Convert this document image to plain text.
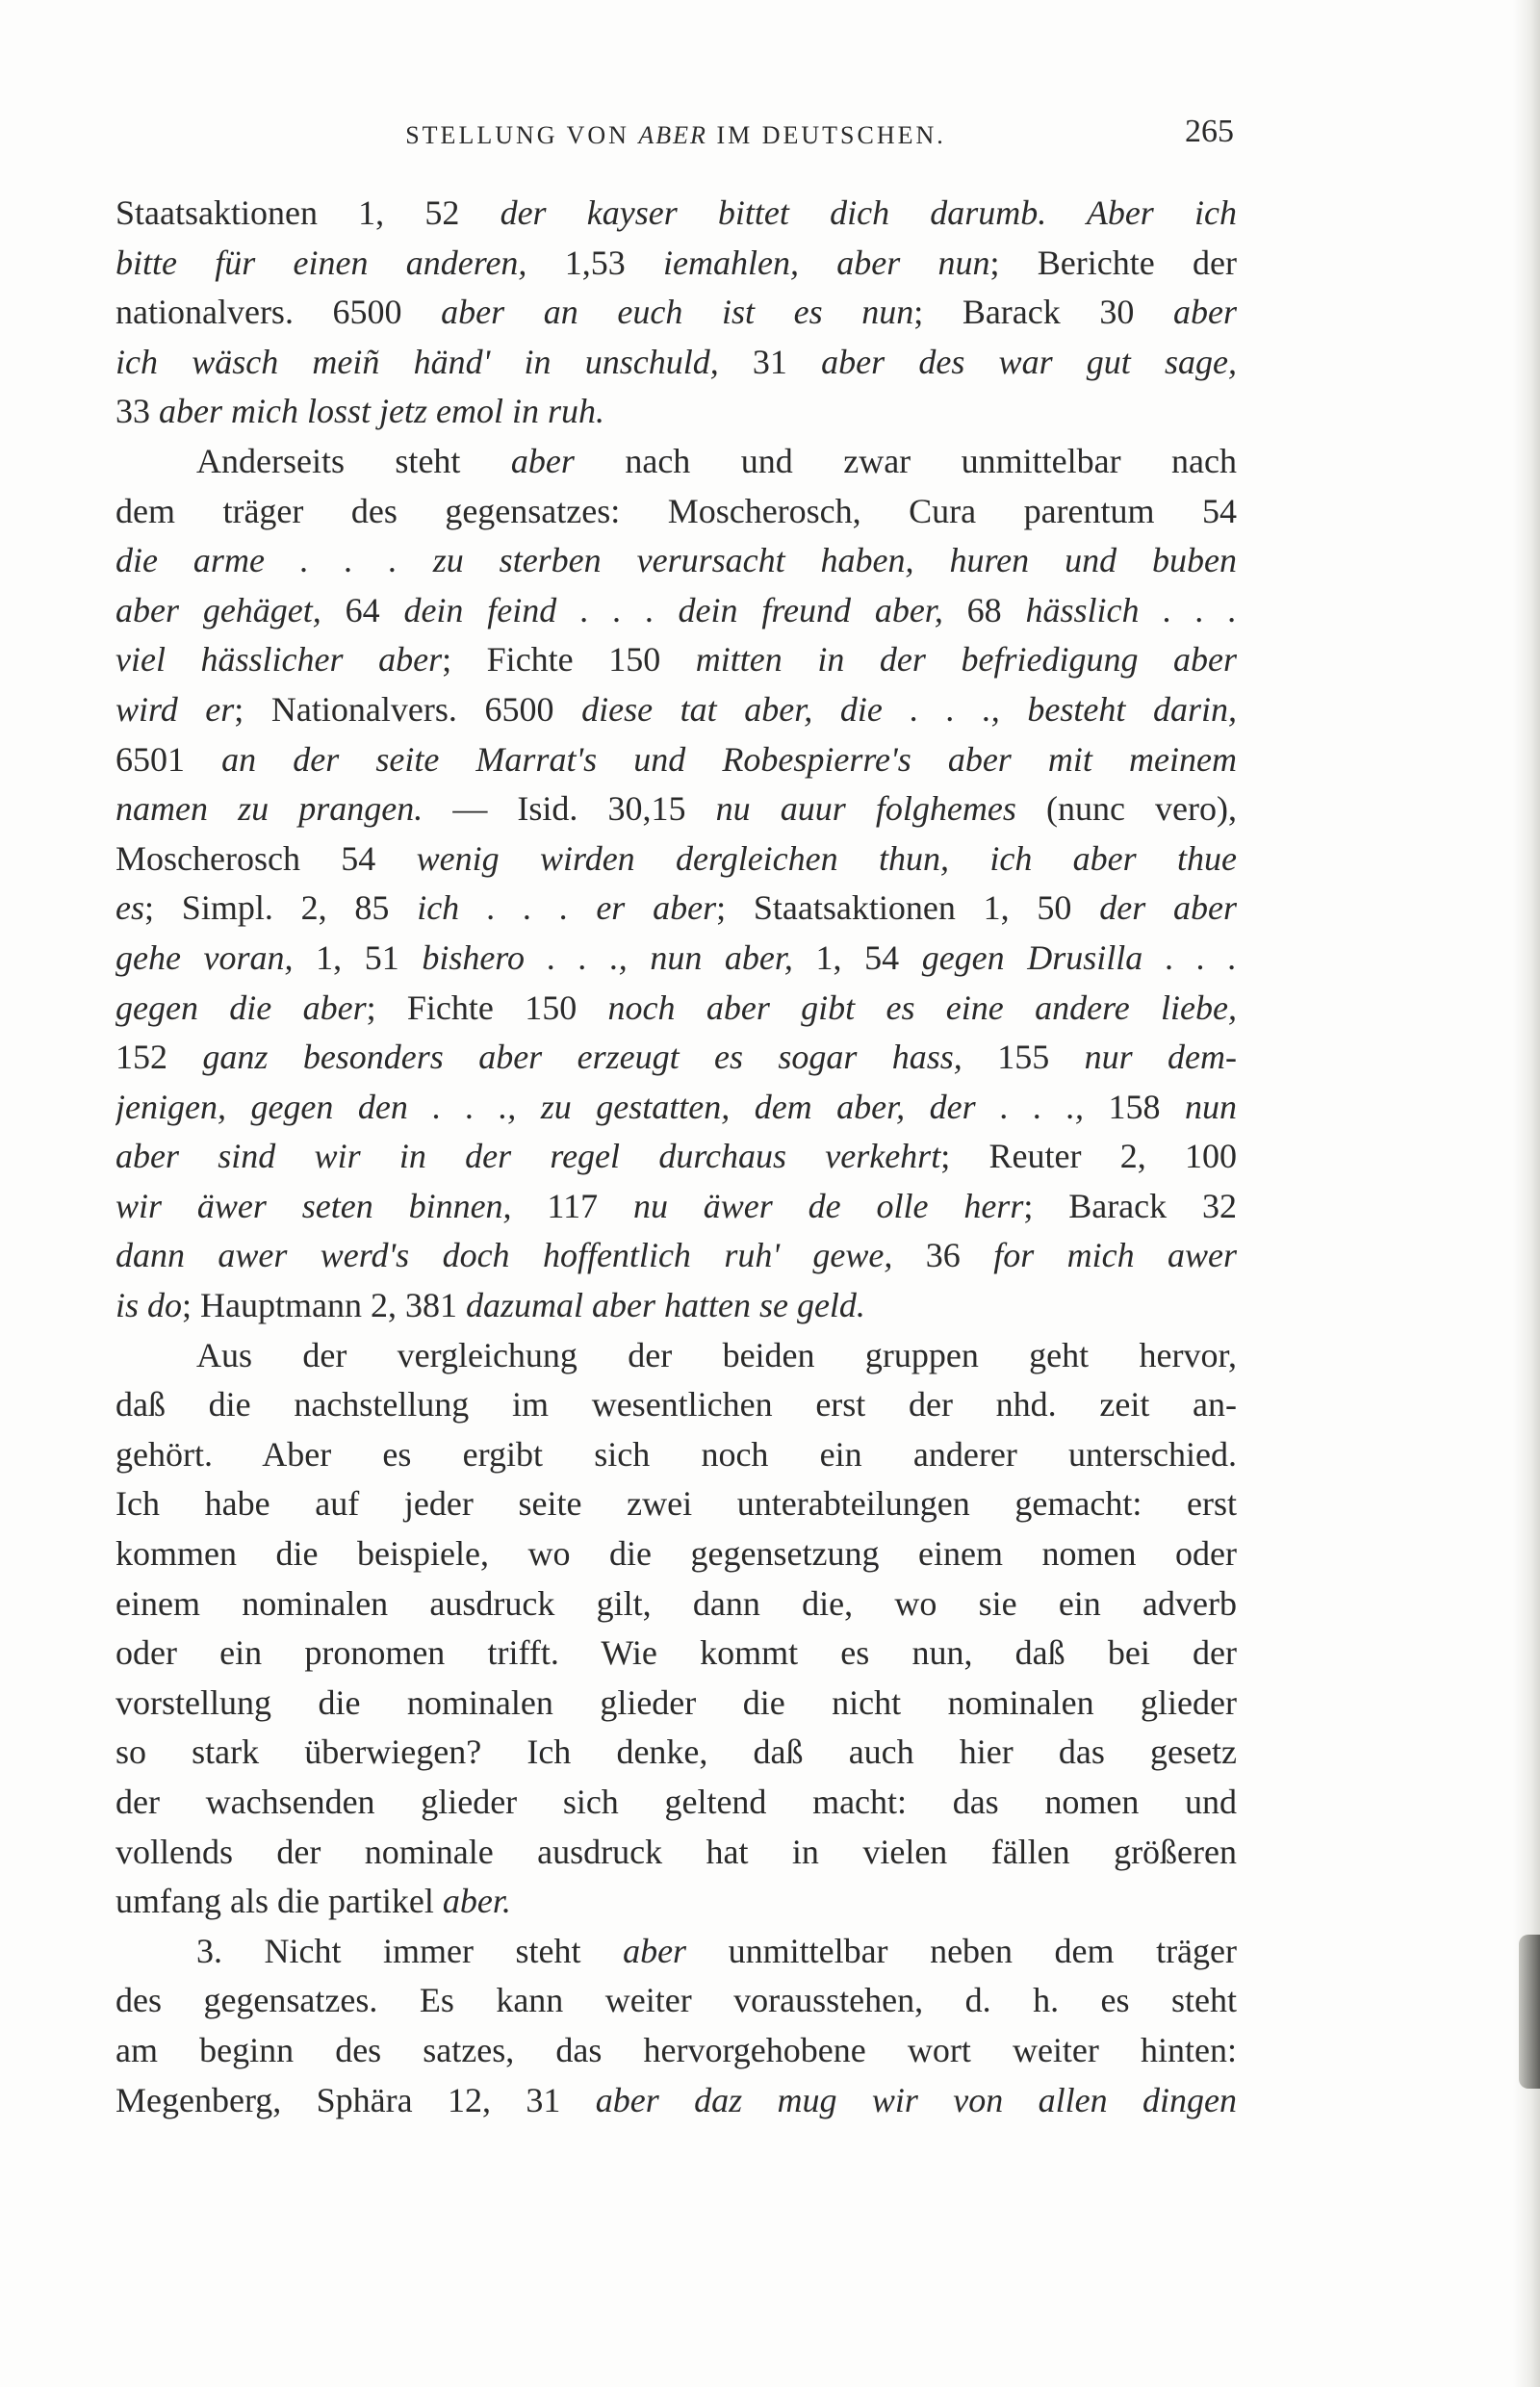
STELLUNG VON ABER IM DEUTSCHEN.	265
Staatsaktionen 1, 52 der kayser bittet dich darumb. Aber ich
bitte für einen anderen, 1,53 iemahlen, aber nun; Berichte der
nationalvers. 6500 aber an euch ist es nun; Barack 30 aber
ich wäsch meiñ händ' in unschuld, 31 aber des war gut sage,
33 aber mich losst jetz emol in ruh.
Anderseits steht aber nach und zwar unmittelbar nach
dem träger des gegensatzes: Moscherosch, Cura parentum 54
die arme . . . zu sterben verursacht haben, huren und buben
aber gehäget, 64 dein feind . . . dein freund aber, 68 hässlich . . .
viel hässlicher aber; Fichte 150 mitten in der befriedigung aber
wird er; Nationalvers. 6500 diese tat aber, die . . ., besteht darin,
6501 an der seite Marrat's und Robespierre's aber mit meinem
namen zu prangen. — Isid. 30,15 nu auur folghemes (nunc vero),
Moscherosch 54 wenig wirden dergleichen thun, ich aber thue
es; Simpl. 2, 85 ich . . . er aber; Staatsaktionen 1, 50 der aber
gehe voran, 1, 51 bishero . . ., nun aber, 1, 54 gegen Drusilla . . .
gegen die aber; Fichte 150 noch aber gibt es eine andere liebe,
152 ganz besonders aber erzeugt es sogar hass, 155 nur dem-
jenigen, gegen den . . ., zu gestatten, dem aber, der . . ., 158 nun
aber sind wir in der regel durchaus verkehrt; Reuter 2, 100
wir äwer seten binnen, 117 nu äwer de olle herr; Barack 32
dann awer werd's doch hoffentlich ruh' gewe, 36 for mich awer
is do; Hauptmann 2, 381 dazumal aber hatten se geld.
Aus der vergleichung der beiden gruppen geht hervor,
daß die nachstellung im wesentlichen erst der nhd. zeit an-
gehört. Aber es ergibt sich noch ein anderer unterschied.
Ich habe auf jeder seite zwei unterabteilungen gemacht: erst
kommen die beispiele, wo die gegensetzung einem nomen oder
einem nominalen ausdruck gilt, dann die, wo sie ein adverb
oder ein pronomen trifft. Wie kommt es nun, daß bei der
vorstellung die nominalen glieder die nicht nominalen glieder
so stark überwiegen? Ich denke, daß auch hier das gesetz
der wachsenden glieder sich geltend macht: das nomen und
vollends der nominale ausdruck hat in vielen fällen größeren
umfang als die partikel aber.
3. Nicht immer steht aber unmittelbar neben dem träger
des gegensatzes. Es kann weiter vorausstehen, d. h. es steht
am beginn des satzes, das hervorgehobene wort weiter hinten:
Megenberg, Sphära 12, 31 aber daz mug wir von allen dingen
